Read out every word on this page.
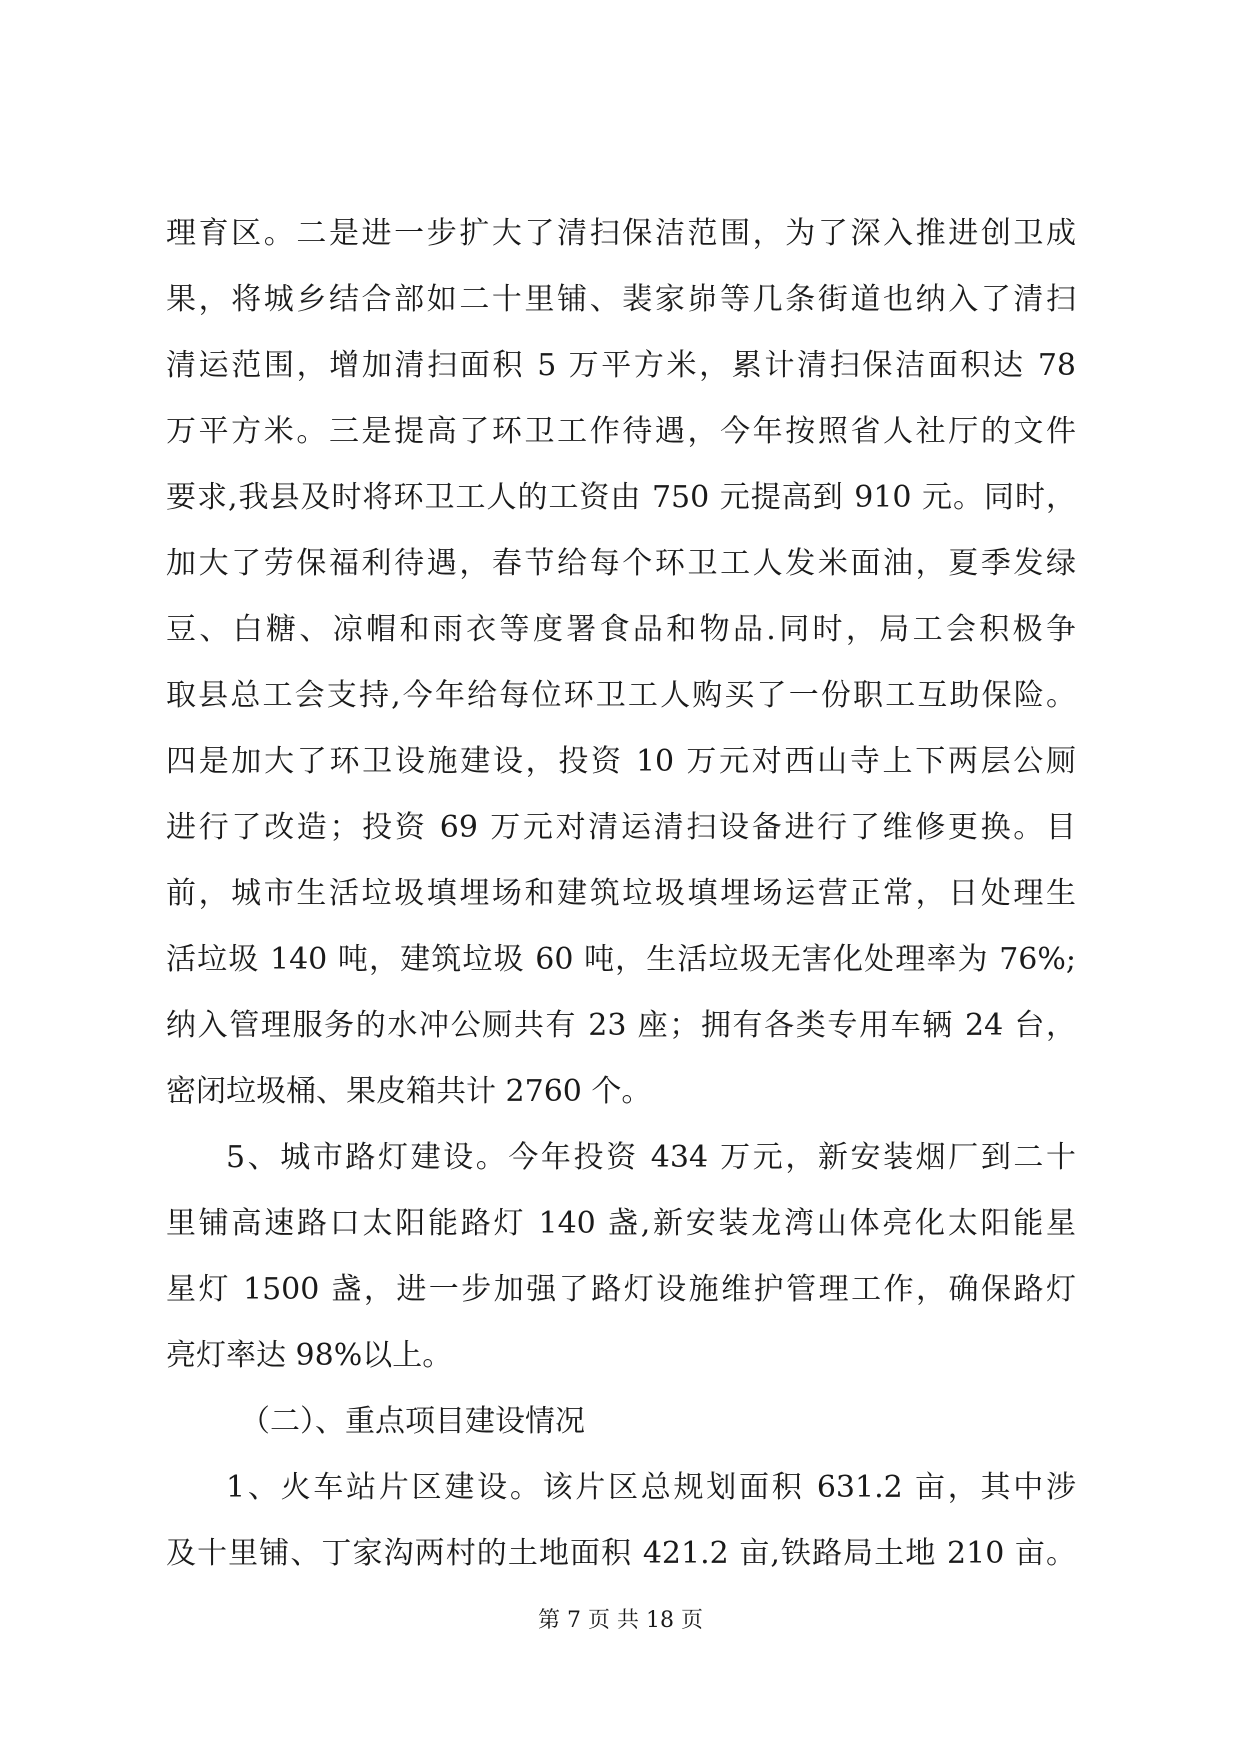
理育区。二是进一步扩大了清扫保洁范围，为了深入推进创卫成
果，将城乡结合部如二十里铺、裴家峁等几条街道也纳入了清扫
清运范围，增加清扫面积 5 万平方米，累计清扫保洁面积达 78
万平方米。三是提高了环卫工作待遇，今年按照省人社厅的文件
要求,我县及时将环卫工人的工资由 750 元提高到 910 元。同时，
加大了劳保福利待遇，春节给每个环卫工人发米面油，夏季发绿
豆、白糖、凉帽和雨衣等度署食品和物品.同时，局工会积极争
取县总工会支持,今年给每位环卫工人购买了一份职工互助保险。
四是加大了环卫设施建设，投资 10 万元对西山寺上下两层公厕
进行了改造；投资 69 万元对清运清扫设备进行了维修更换。目
前，城市生活垃圾填埋场和建筑垃圾填埋场运营正常，日处理生
活垃圾 140 吨，建筑垃圾 60 吨，生活垃圾无害化处理率为 76%;
纳入管理服务的水冲公厕共有 23 座；拥有各类专用车辆 24 台，
密闭垃圾桶、果皮箱共计 2760 个。
5、城市路灯建设。今年投资 434 万元，新安装烟厂到二十
里铺高速路口太阳能路灯 140 盏,新安装龙湾山体亮化太阳能星
星灯 1500 盏，进一步加强了路灯设施维护管理工作，确保路灯
亮灯率达 98%以上。
（二）、重点项目建设情况
1、火车站片区建设。该片区总规划面积 631.2 亩，其中涉
及十里铺、丁家沟两村的土地面积 421.2 亩,铁路局土地 210 亩。
第 7 页 共 18 页
